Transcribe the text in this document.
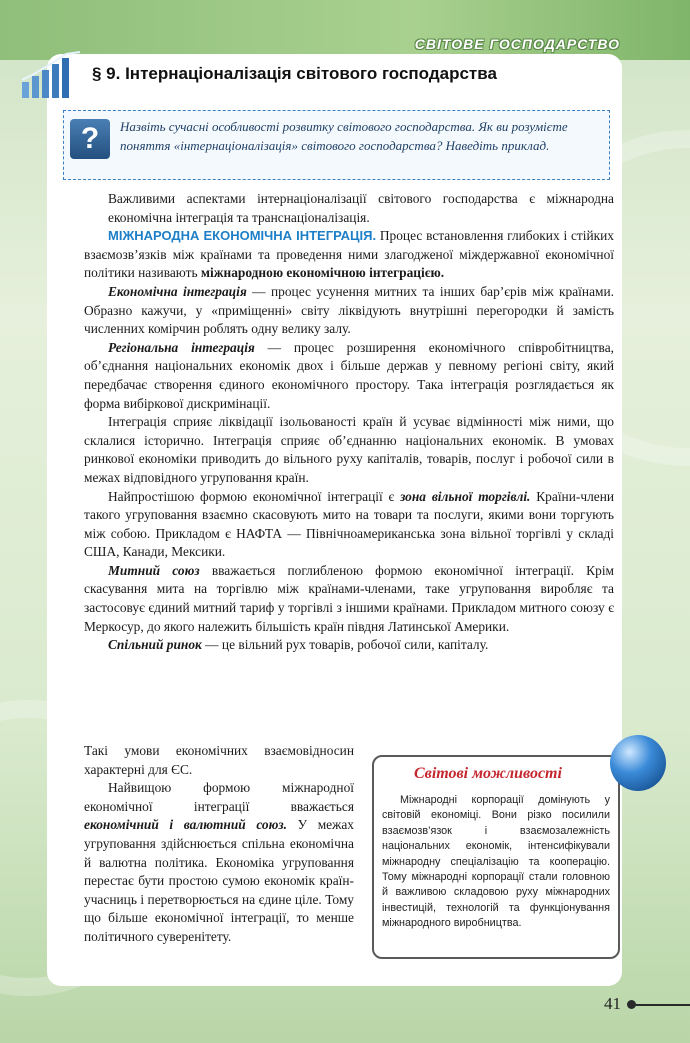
СВІТОВЕ ГОСПОДАРСТВО
§ 9. Інтернаціоналізація світового господарства
?	Назвіть сучасні особливості розвитку світового господарства. Як ви розумієте поняття «інтернаціоналізація» світового господарства? Наведіть приклад.

Важливими аспектами інтернаціоналізації світового господарства є міжнародна економічна інтеграція та транснаціоналізація.

МІЖНАРОДНА ЕКОНОМІЧНА ІНТЕГРАЦІЯ. Процес встановлення глибоких і стійких взаємозв’язків між країнами та проведення ними злагодженої міждержавної економічної політики називають міжнародною економічною інтеграцією.

Економічна інтеграція — процес усунення митних та інших бар’єрів між країнами. Образно кажучи, у «приміщенні» світу ліквідують внутрішні перегородки й замість численних комірчин роблять одну велику залу.

Регіональна інтеграція — процес розширення економічного співробітництва, об’єднання національних економік двох і більше держав у певному регіоні світу, який передбачає створення єдиного економічного простору. Така інтеграція розглядається як форма вибіркової дискримінації.

Інтеграція сприяє ліквідації ізольованості країн й усуває відмінності між ними, що склалися історично. Інтеграція сприяє об’єднанню національних економік. В умовах ринкової економіки приводить до вільного руху капіталів, товарів, послуг і робочої сили в межах відповідного угруповання країн.

Найпростішою формою економічної інтеграції є зона вільної торгівлі. Країни-члени такого угруповання взаємно скасовують мито на товари та послуги, якими вони торгують між собою. Прикладом є НАФТА — Північноамериканська зона вільної торгівлі у складі США, Канади, Мексики.

Митний союз вважається поглибленою формою економічної інтеграції. Крім скасування мита на торгівлю між країнами-членами, таке угруповання виробляє та застосовує єдиний митний тариф у торгівлі з іншими країнами. Прикладом митного союзу є Меркосур, до якого належить більшість країн півдня Латинської Америки.

Спільний ринок — це вільний рух товарів, робочої сили, капіталу.

Такі умови економічних взаємовідносин характерні для ЄС.

Найвищою формою міжнародної економічної інтеграції вважається економічний і валютний союз. У межах угруповання здійснюється спільна економічна й валютна політика. Економіка угруповання перестає бути простою сумою економік країн-учасниць і перетворюється на єдине ціле. Тому що більше економічної інтеграції, то менше політичного суверенітету.

Світові можливості

Міжнародні корпорації домінують у світовій економіці. Вони різко посилили взаємозв’язок і взаємозалежність національних економік, інтенсифікували міжнародну спеціалізацію та кооперацію. Тому міжнародні корпорації стали головною й важливою складовою руху міжнародних інвестицій, технологій та функціонування міжнародного виробництва.

41
